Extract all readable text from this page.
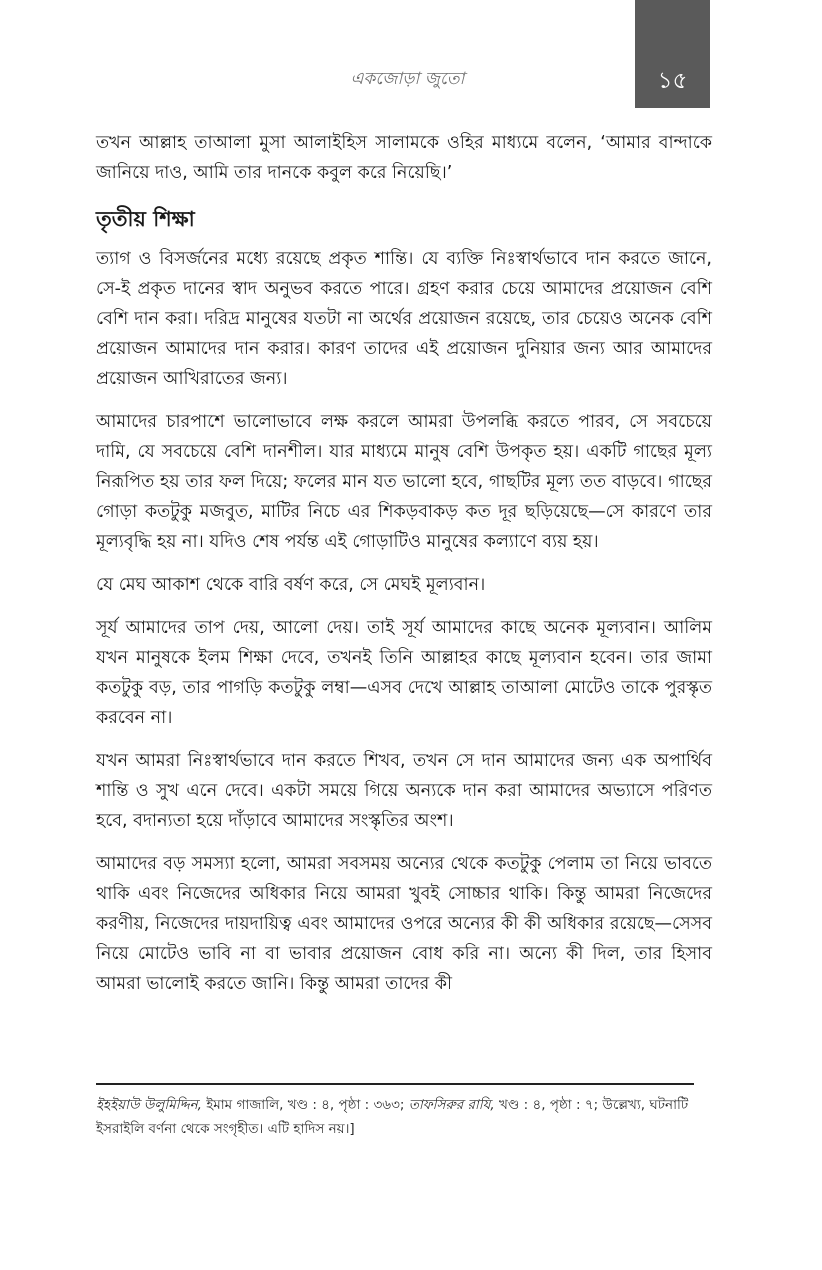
১৫
একজোড়া জুতো

তখন আল্লাহ তাআলা মুসা আলাইহিস সালামকে ওহির মাধ্যমে বলেন, ‘আমার বান্দাকে জানিয়ে দাও, আমি তার দানকে কবুল করে নিয়েছি।’

তৃতীয় শিক্ষা

ত্যাগ ও বিসর্জনের মধ্যে রয়েছে প্রকৃত শান্তি। যে ব্যক্তি নিঃস্বার্থভাবে দান করতে জানে, সে-ই প্রকৃত দানের স্বাদ অনুভব করতে পারে। গ্রহণ করার চেয়ে আমাদের প্রয়োজন বেশি বেশি দান করা। দরিদ্র মানুষের যতটা না অর্থের প্রয়োজন রয়েছে, তার চেয়েও অনেক বেশি প্রয়োজন আমাদের দান করার। কারণ তাদের এই প্রয়োজন দুনিয়ার জন্য আর আমাদের প্রয়োজন আখিরাতের জন্য।

আমাদের চারপাশে ভালোভাবে লক্ষ করলে আমরা উপলব্ধি করতে পারব, সে সবচেয়ে দামি, যে সবচেয়ে বেশি দানশীল। যার মাধ্যমে মানুষ বেশি উপকৃত হয়। একটি গাছের মূল্য নিরূপিত হয় তার ফল দিয়ে; ফলের মান যত ভালো হবে, গাছটির মূল্য তত বাড়বে। গাছের গোড়া কতটুকু মজবুত, মাটির নিচে এর শিকড়বাকড় কত দূর ছড়িয়েছে—সে কারণে তার মূল্যবৃদ্ধি হয় না। যদিও শেষ পর্যন্ত এই গোড়াটিও মানুষের কল্যাণে ব্যয় হয়।

যে মেঘ আকাশ থেকে বারি বর্ষণ করে, সে মেঘই মূল্যবান।

সূর্য আমাদের তাপ দেয়, আলো দেয়। তাই সূর্য আমাদের কাছে অনেক মূল্যবান। আলিম যখন মানুষকে ইলম শিক্ষা দেবে, তখনই তিনি আল্লাহর কাছে মূল্যবান হবেন। তার জামা কতটুকু বড়, তার পাগড়ি কতটুকু লম্বা—এসব দেখে আল্লাহ তাআলা মোটেও তাকে পুরস্কৃত করবেন না।

যখন আমরা নিঃস্বার্থভাবে দান করতে শিখব, তখন সে দান আমাদের জন্য এক অপার্থিব শান্তি ও সুখ এনে দেবে। একটা সময়ে গিয়ে অন্যকে দান করা আমাদের অভ্যাসে পরিণত হবে, বদান্যতা হয়ে দাঁড়াবে আমাদের সংস্কৃতির অংশ।

আমাদের বড় সমস্যা হলো, আমরা সবসময় অন্যের থেকে কতটুকু পেলাম তা নিয়ে ভাবতে থাকি এবং নিজেদের অধিকার নিয়ে আমরা খুবই সোচ্চার থাকি। কিন্তু আমরা নিজেদের করণীয়, নিজেদের দায়দায়িত্ব এবং আমাদের ওপরে অন্যের কী কী অধিকার রয়েছে—সেসব নিয়ে মোটেও ভাবি না বা ভাবার প্রয়োজন বোধ করি না। অন্যে কী দিল, তার হিসাব আমরা ভালোই করতে জানি। কিন্তু আমরা তাদের কী

ইহইয়াউ উলুমিদ্দিন, ইমাম গাজালি, খণ্ড : ৪, পৃষ্ঠা : ৩৬৩; তাফসিরুর রাযি, খণ্ড : ৪, পৃষ্ঠা : ৭; উল্লেখ্য, ঘটনাটি ইসরাইলি বর্ণনা থেকে সংগৃহীত। এটি হাদিস নয়।]
